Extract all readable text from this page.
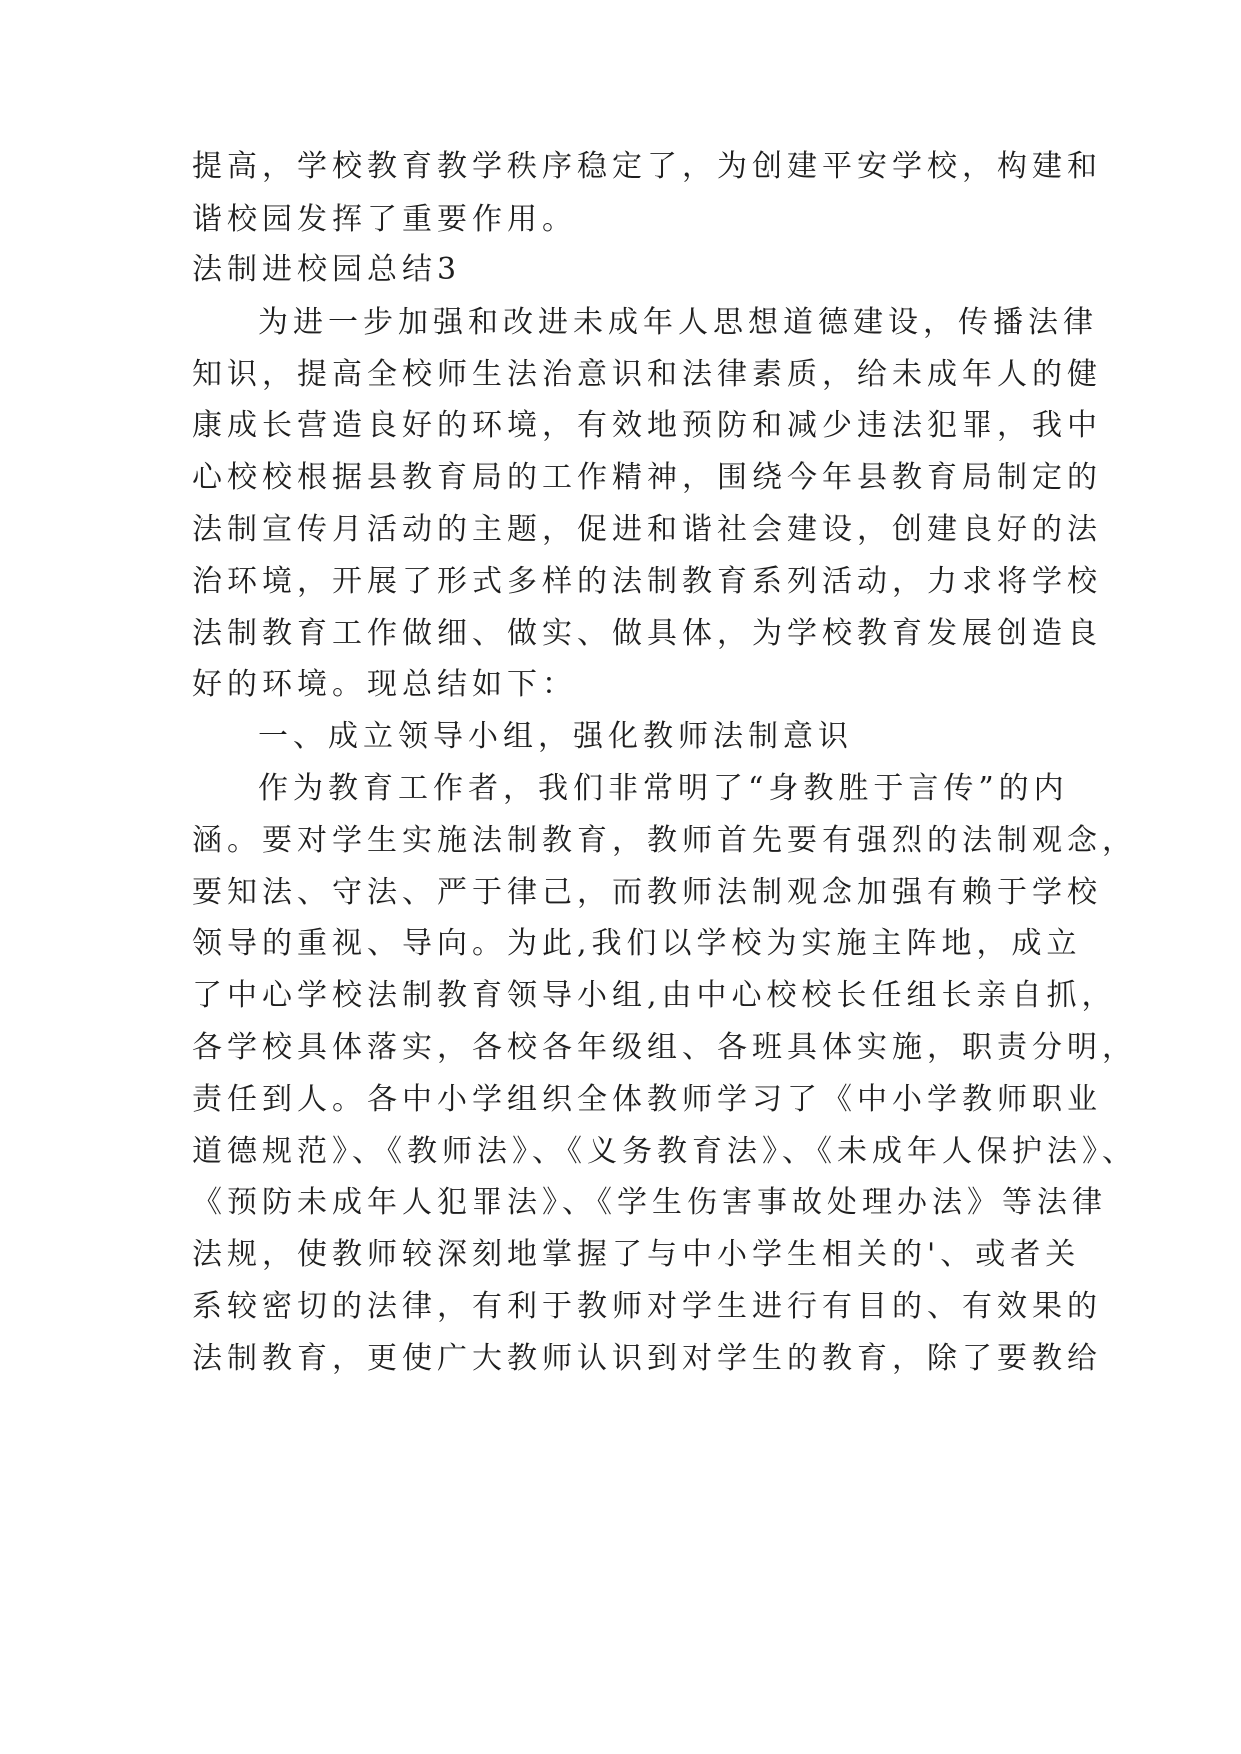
提高，学校教育教学秩序稳定了，为创建平安学校，构建和

谐校园发挥了重要作用。

法制进校园总结3

为进一步加强和改进未成年人思想道德建设，传播法律

知识，提高全校师生法治意识和法律素质，给未成年人的健

康成长营造良好的环境，有效地预防和减少违法犯罪，我中

心校校根据县教育局的工作精神，围绕今年县教育局制定的

法制宣传月活动的主题，促进和谐社会建设，创建良好的法

治环境，开展了形式多样的法制教育系列活动，力求将学校

法制教育工作做细、做实、做具体，为学校教育发展创造良

好的环境。现总结如下：

一、成立领导小组，强化教师法制意识

作为教育工作者，我们非常明了“身教胜于言传”的内

涵。要对学生实施法制教育，教师首先要有强烈的法制观念，

要知法、守法、严于律己，而教师法制观念加强有赖于学校

领导的重视、导向。为此,我们以学校为实施主阵地，成立

了中心学校法制教育领导小组,由中心校校长任组长亲自抓，

各学校具体落实，各校各年级组、各班具体实施，职责分明，

责任到人。各中小学组织全体教师学习了《中小学教师职业

道德规范》、《教师法》、《义务教育法》、《未成年人保护法》、

《预防未成年人犯罪法》、《学生伤害事故处理办法》等法律

法规，使教师较深刻地掌握了与中小学生相关的'、或者关

系较密切的法律，有利于教师对学生进行有目的、有效果的

法制教育，更使广大教师认识到对学生的教育，除了要教给
